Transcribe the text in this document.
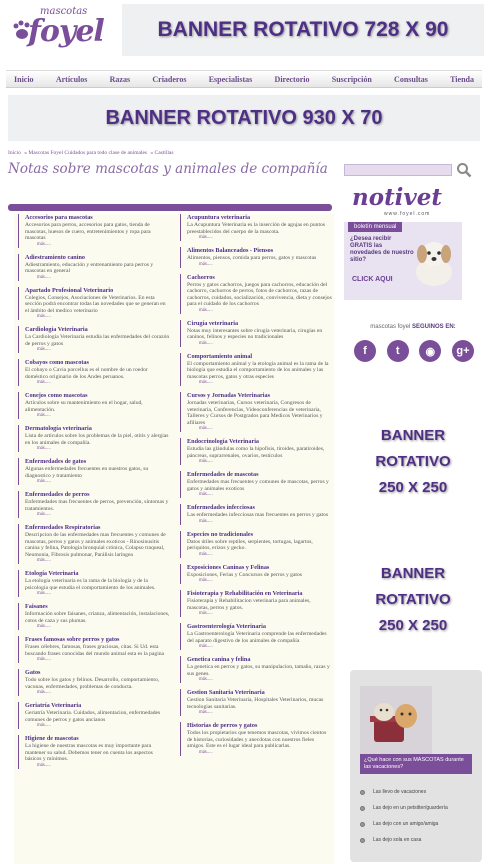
mascotas
foyel	BANNER ROTATIVO 728 X 90
Inicio	Artículos	Razas	Criaderos	Especialistas	Directorio	Suscripción	Consultas	Tienda
BANNER ROTATIVO 930 X 70
Inicio » Mascotas Foyel Cuidados para todo clase de animales » Castillas
Notas sobre mascotas y animales de compañía
Accesorios para mascotas
Accesorios para perros, accesorios para gatos, tienda de mascotas, huesos de cuero, entretenimientos y ropa para mascotas
más.....
Adiestramiento canino
Adiestramiento, educación y entrenamiento para perros y mascotas en general
más.....
Apartado Profesional Veterinario
Colegios, Consejos, Asociaciones de Veterinarios. En esta sección podrá encontrar todas las novedades que se generan en el ámbito del medico veterinario
más.....
Cardiología Veterinaria
La Cardiología Veterinaria estudia las enfermedades del corazón de perros y gatos
más.....
Cobayos como mascotas
El cobayo o Cavia porcellus es el nombre de un roedor doméstico originario de los Andes peruanos.
más.....
Conejos como mascotas
Artículos sobre su mantenimiento en el hogar, salud, alimentación.
más.....
Dermatología veterinaria
Lista de artículos sobre los problemas de la piel, otitis y alergias en los animales de compañía.
más.....
Enfermedades de gatos
Algunas enfermedades frecuentes en nuestros gatos, su diagnostico y tratamiento
más.....
Enfermedades de perros
Enfermedades mas frecuentes de perros, prevención, síntomas y tratamientos.
más.....
Enfermedades Respiratorias
Descripcion de las enfermedades mas frecuentes y comunes de mascotas, perros y gatos y animales exoticos - Rinosinusitis canina y felina, Patologia bronquial crónica, Colapso traqueal, Neumonia, Fibrosis pulmonar, Parálisis laríngea
más.....
Etología Veterinaria
La etología veterinaria es la rama de la biología y de la psicología que estudia el comportamiento de los animales.
más.....
Faisanes
Información sobre faisanes, crianza, alimentación, instalaciones, cotos de caza y sus plumas.
más.....
Frases famosas sobre perros y gatos
Frases célebres, famosas, frases graciosas, citas. Si Ud. esta buscando frases conocidas del mundo animal esta es la pagina
más.....
Gatos
Todo sobre los gatos y felinos. Desarrollo, comportamiento, vacunas, enfermedades, problemas de conducta.
más.....
Geriatría Veterinaria
Geriatría Veterinaria. Cuidados, alimentacion, enfermedades comunes de perros y gatos ancianos
más.....
Higiene de mascotas
La higiene de nuestras mascotas es muy importante para mantener su salud. Debemos tener en cuenta los aspectos básicos y mínimos.
más.....
Acupuntura veterinaria
La Acupuntura Veterinaria es la inserción de agujas en puntos preestablecidos del cuerpo de la mascota.
más.....
Alimentos Balanceados - Piensos
Alimentos, piensos, comida para perros, gatos y mascotas
más.....
Cachorros
Perros y gatos cachorros, juegos para cachorros, educación del cachorro, cachorros de perros, fotos de cachorros, razas de cachorros, cuidados, socialización, convivencia, dieta y consejos para el cuidado de los cachorros
más.....
Cirugía veterinaria
Notas muy interesantes sobre cirugía veterinaria, cirugías en caninos, felinos y especies no tradicionales
más.....
Comportamiento animal
El comportamiento animal y la etología animal es la rama de la biología que estudia el comportamiento de los animales y las mascotas perros, gatos y otras especies
más.....
Cursos y Jornadas Veterinarias
Jornadas veterinarias, Cursos veterinaria, Congresos de veterinaria, Conferencias, Videoconferencias de veterinaria, Talleres y Cursos de Postgrados para Medicos Veterinarios y afiliares
más.....
Endocrinología Veterinaria
Estudia las glándulas como la hipofisis, tiroides, paratiroides, páncreas, suprarrenales, ovarios, testículos
más.....
Enfermedades de mascotas
Enfermedades mas frecuentes y comunes de mascotas, perros y gatos y animales exoticos
más.....
Enfermedades infecciosas
Las enfermedades infecciosas mas frecuentes en perros y gatos
más.....
Especies no tradicionales
Datos útiles sobre reptiles, serpientes, tortugas, lagartos, periquitos, erizos y gecko.
más.....
Exposiciones Caninas y Felinas
Exposiciones, Ferias y Concursos de perros y gatos
más.....
Fisioterapia y Rehabilitación en Veterinaria
Fisioterapia y Rehabilitacion veterinaria para animales, mascotas, perros y gatos.
más.....
Gastroenterología Veterinaria
La Gastroenterología Veterinaria comprende las enfermedades del aparato digestivo de los animales de compañía
más.....
Genetica canina y felina
La genetica en perros y gatos, su manipulacion, tamaño, razas y sus genes.
más.....
Gestion Sanitaria Veterinaria
Gestion Sanitaria Veterinaria, Hospitales Veterinarios, mucas tecnologias sanitarias.
más.....
Historias de perros y gatos
Todos los propietarios que tenemos mascotas, vivimos cientos de historias, curiosidades y anecdotas con nuestros fieles amigos. Este es el lugar ideal para publicarlas.
más.....
notivet
www.foyel.com
boletín mensual
¿Desea recibir GRATIS las novedades de nuestro sitio?
CLICK AQUI
mascotas foyel SEGUINOS EN:
f	t	◉	g+
BANNER
ROTATIVO
250 X 250
BANNER
ROTATIVO
250 X 250
¿Qué hace con sus MASCOTAS durante las vacaciones?
Las llevo de vacaciones
Las dejo en un petsitter/guardería
Las dejo con un amigo/amiga
Las dejo sola en casa
